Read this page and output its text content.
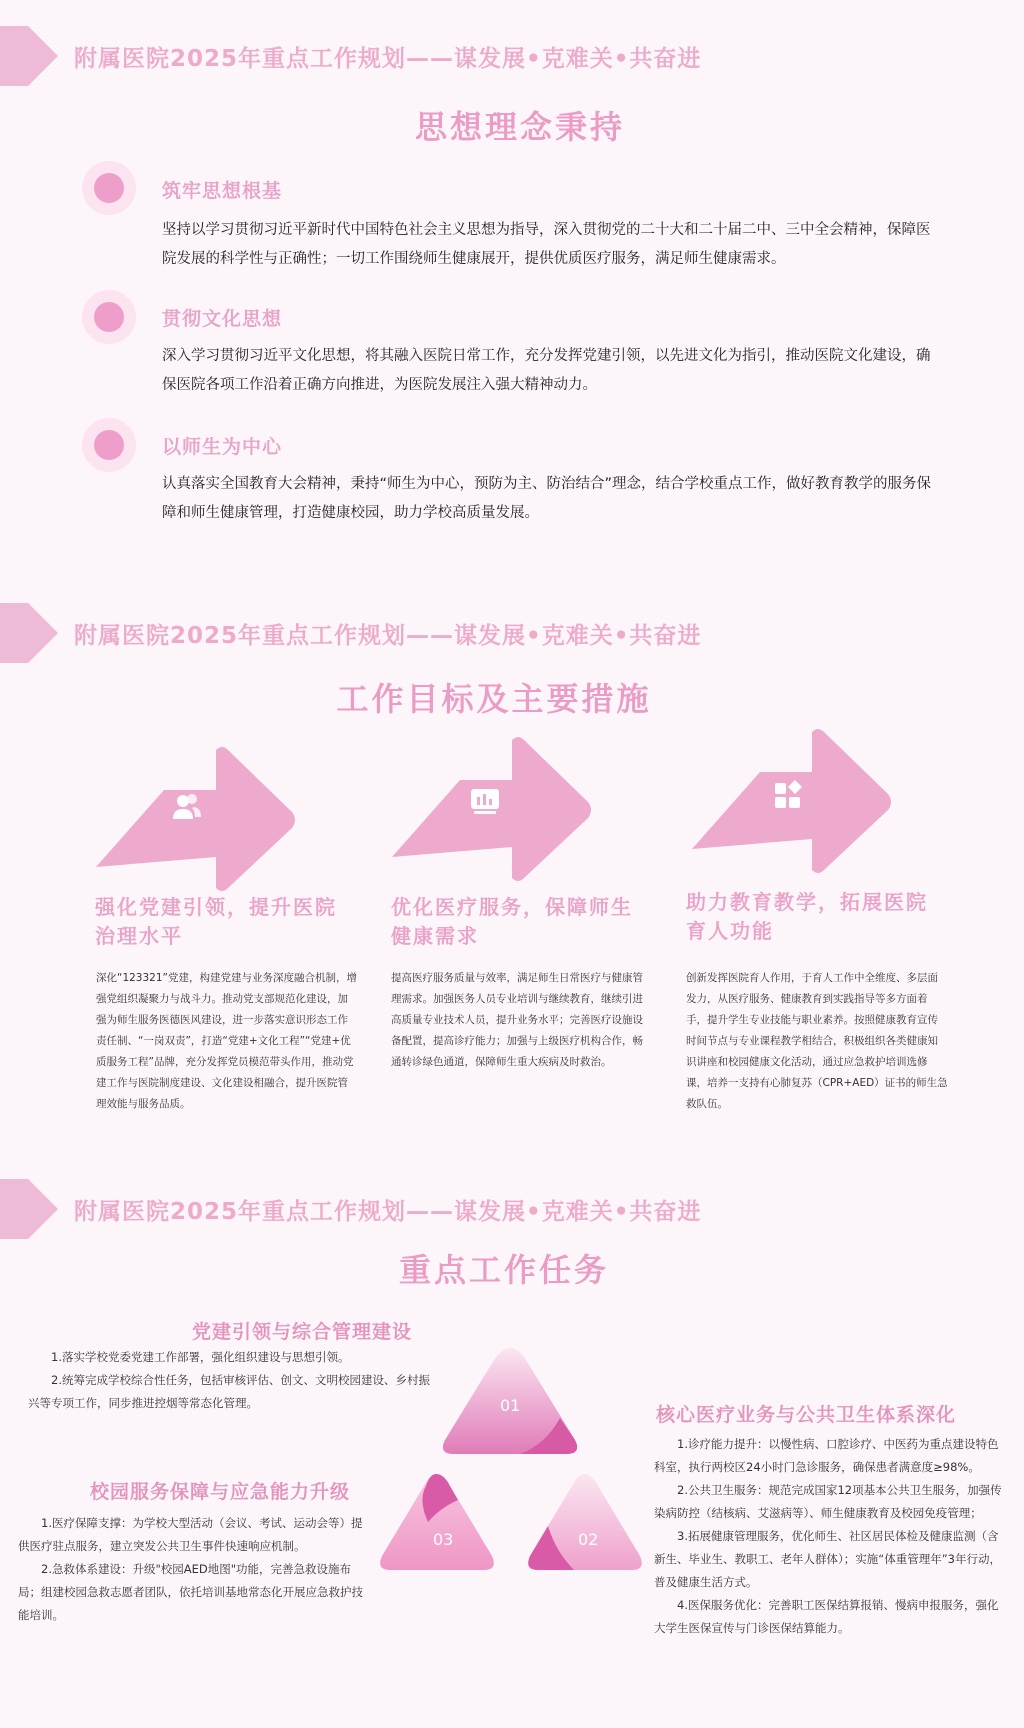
附属医院2025年重点工作规划——谋发展•克难关•共奋进
思想理念秉持
筑牢思想根基
坚持以学习贯彻习近平新时代中国特色社会主义思想为指导，深入贯彻党的二十大和二十届二中、三中全会精神，保障医院发展的科学性与正确性；一切工作围绕师生健康展开，提供优质医疗服务，满足师生健康需求。
贯彻文化思想
深入学习贯彻习近平文化思想，将其融入医院日常工作，充分发挥党建引领，以先进文化为指引，推动医院文化建设，确保医院各项工作沿着正确方向推进，为医院发展注入强大精神动力。
以师生为中心
认真落实全国教育大会精神，秉持“师生为中心，预防为主、防治结合”理念，结合学校重点工作，做好教育教学的服务保障和师生健康管理，打造健康校园，助力学校高质量发展。
附属医院2025年重点工作规划——谋发展•克难关•共奋进
工作目标及主要措施
强化党建引领，提升医院治理水平
深化“123321”党建，构建党建与业务深度融合机制，增强党组织凝聚力与战斗力。推动党支部规范化建设，加强为师生服务医德医风建设，进一步落实意识形态工作责任制、“一岗双责”，打造“党建+文化工程”“党建+优质服务工程”品牌，充分发挥党员模范带头作用，推动党建工作与医院制度建设、文化建设相融合，提升医院管理效能与服务品质。
优化医疗服务，保障师生健康需求
提高医疗服务质量与效率，满足师生日常医疗与健康管理需求。加强医务人员专业培训与继续教育，继续引进高质量专业技术人员，提升业务水平；完善医疗设施设备配置，提高诊疗能力；加强与上级医疗机构合作，畅通转诊绿色通道，保障师生重大疾病及时救治。
助力教育教学，拓展医院育人功能
创新发挥医院育人作用，于育人工作中全维度、多层面发力，从医疗服务、健康教育到实践指导等多方面着手，提升学生专业技能与职业素养。按照健康教育宣传时间节点与专业课程教学相结合，积极组织各类健康知识讲座和校园健康文化活动，通过应急救护培训选修课，培养一支持有心肺复苏（CPR+AED）证书的师生急救队伍。
附属医院2025年重点工作规划——谋发展•克难关•共奋进
重点工作任务
党建引领与综合管理建设

1.落实学校党委党建工作部署，强化组织建设与思想引领。

2.统筹完成学校综合性任务，包括审核评估、创文、文明校园建设、乡村振兴等专项工作，同步推进控烟等常态化管理。

校园服务保障与应急能力升级

1.医疗保障支撑：为学校大型活动（会议、考试、运动会等）提供医疗驻点服务，建立突发公共卫生事件快速响应机制。

2.急救体系建设：升级"校园AED地图"功能，完善急救设施布局；组建校园急救志愿者团队，依托培训基地常态化开展应急救护技能培训。

核心医疗业务与公共卫生体系深化

1.诊疗能力提升：以慢性病、口腔诊疗、中医药为重点建设特色科室，执行两校区24小时门急诊服务，确保患者满意度≥98%。

2.公共卫生服务：规范完成国家12项基本公共卫生服务，加强传染病防控（结核病、艾滋病等）、师生健康教育及校园免疫管理；

3.拓展健康管理服务，优化师生、社区居民体检及健康监测（含新生、毕业生、教职工、老年人群体）；实施“体重管理年”3年行动，普及健康生活方式。

4.医保服务优化：完善职工医保结算报销、慢病申报服务，强化大学生医保宣传与门诊医保结算能力。

01
02
03
